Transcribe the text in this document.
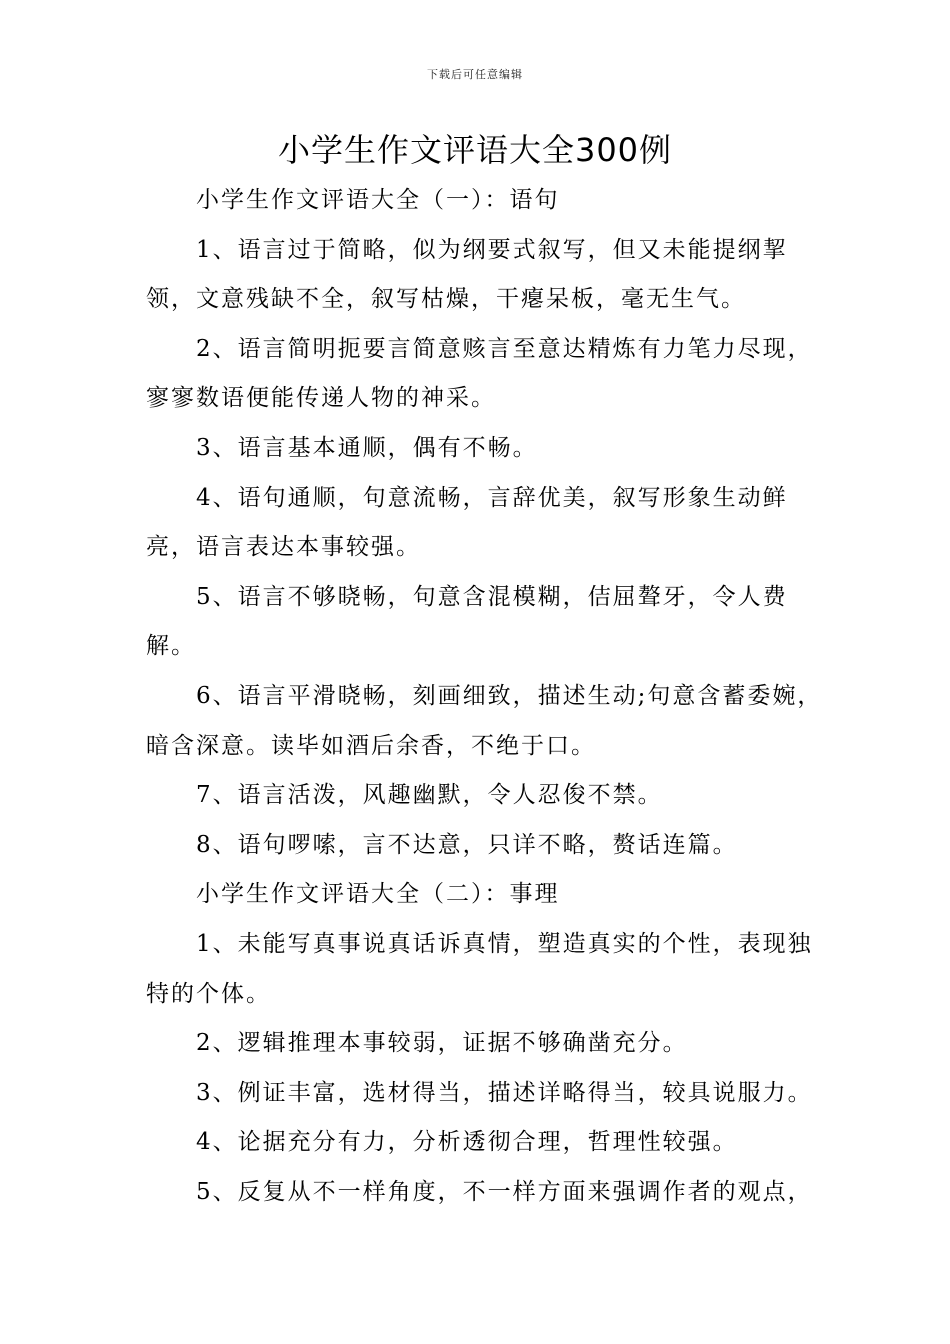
下载后可任意编辑
小学生作文评语大全300例

小学生作文评语大全（一）：语句

1、语言过于简略，似为纲要式叙写，但又未能提纲挈领，文意残缺不全，叙写枯燥，干瘪呆板，毫无生气。

2、语言简明扼要言简意赅言至意达精炼有力笔力尽现，寥寥数语便能传递人物的神采。

3、语言基本通顺，偶有不畅。

4、语句通顺，句意流畅，言辞优美，叙写形象生动鲜亮，语言表达本事较强。

5、语言不够晓畅，句意含混模糊，佶屈聱牙，令人费解。

6、语言平滑晓畅，刻画细致，描述生动;句意含蓄委婉，暗含深意。读毕如酒后余香，不绝于口。

7、语言活泼，风趣幽默，令人忍俊不禁。

8、语句啰嗦，言不达意，只详不略，赘话连篇。

小学生作文评语大全（二）：事理

1、未能写真事说真话诉真情，塑造真实的个性，表现独特的个体。

2、逻辑推理本事较弱，证据不够确凿充分。

3、例证丰富，选材得当，描述详略得当，较具说服力。

4、论据充分有力，分析透彻合理，哲理性较强。

5、反复从不一样角度，不一样方面来强调作者的观点，
